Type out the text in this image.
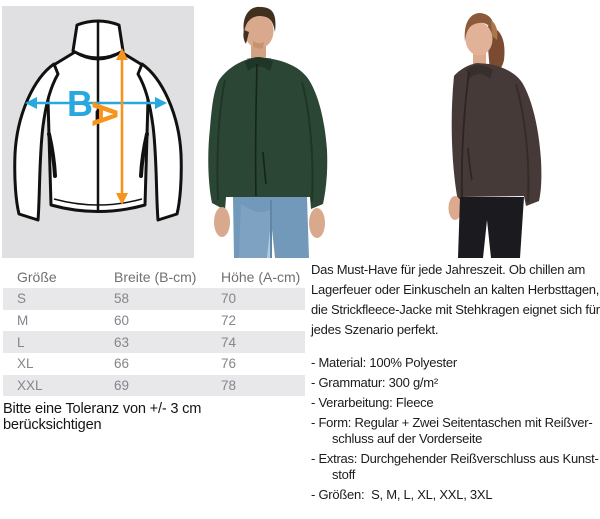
B
A
Größe	Breite (B-cm)	Höhe (A-cm)
S	58	70
M	60	72
L	63	74
XL	66	76
XXL	69	78
Bitte eine Toleranz von +/- 3 cm berücksichtigen
Das Must-Have für jede Jahreszeit. Ob chillen am
Lagerfeuer oder Einkuscheln an kalten Herbsttagen,
die Strickfleece-Jacke mit Stehkragen eignet sich für
jedes Szenario perfekt.
- Material: 100% Polyester
- Grammatur: 300 g/m²
- Verarbeitung: Fleece
- Form: Regular + Zwei Seitentaschen mit Reißver-
schluss auf der Vorderseite
- Extras: Durchgehender Reißverschluss aus Kunst-
stoff
- Größen:  S, M, L, XL, XXL, 3XL
